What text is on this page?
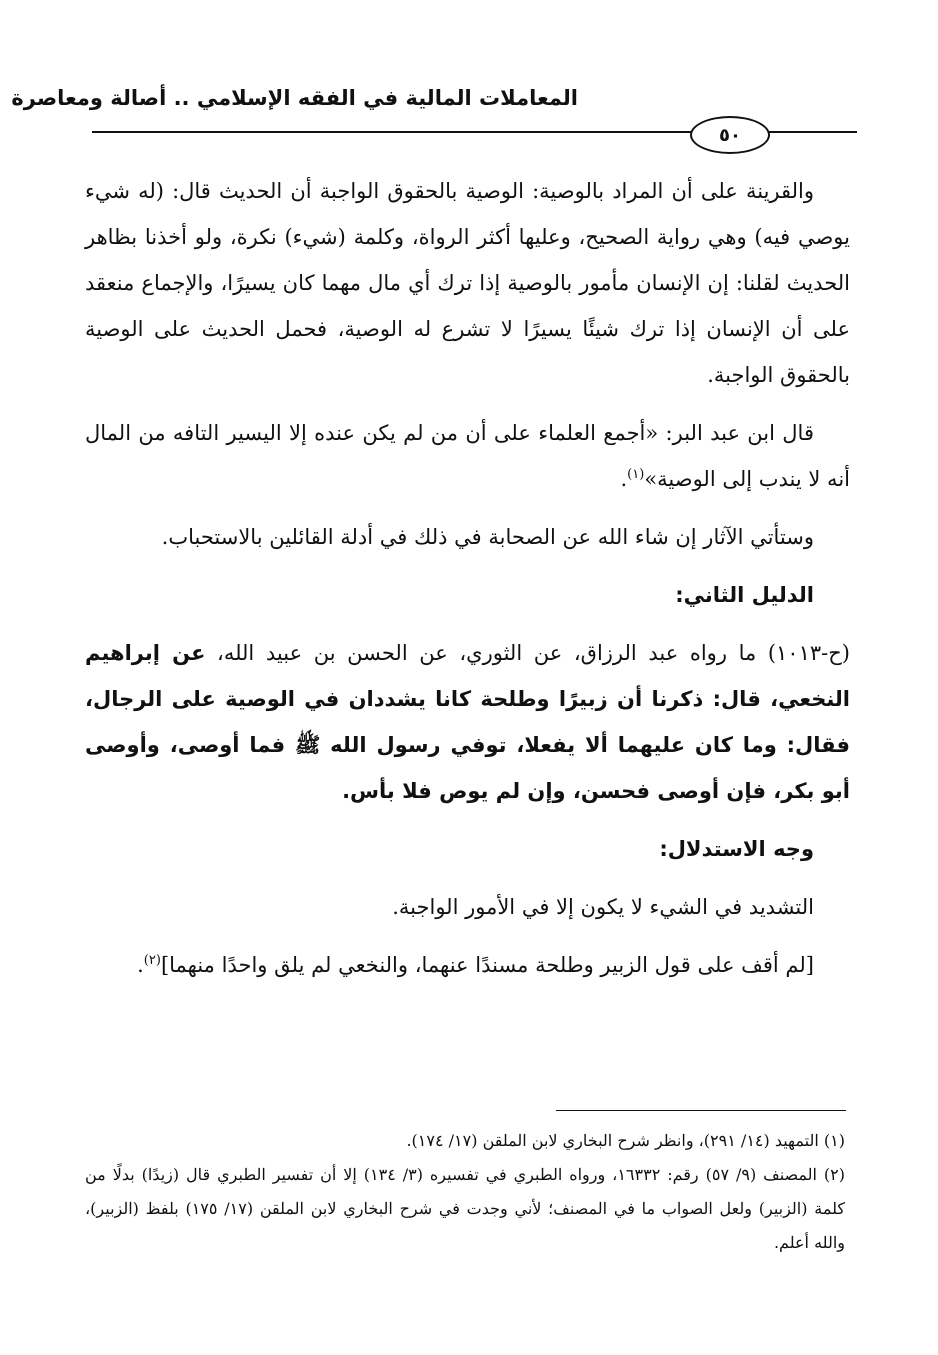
المعاملات المالية في الفقه الإسلامي .. أصالة ومعاصرة
٥٠

والقرينة على أن المراد بالوصية: الوصية بالحقوق الواجبة أن الحديث قال: (له شيء يوصي فيه) وهي رواية الصحيح، وعليها أكثر الرواة، وكلمة (شيء) نكرة، ولو أخذنا بظاهر الحديث لقلنا: إن الإنسان مأمور بالوصية إذا ترك أي مال مهما كان يسيرًا، والإجماع منعقد على أن الإنسان إذا ترك شيئًا يسيرًا لا تشرع له الوصية، فحمل الحديث على الوصية بالحقوق الواجبة.

قال ابن عبد البر: «أجمع العلماء على أن من لم يكن عنده إلا اليسير التافه من المال أنه لا يندب إلى الوصية»$^{(١)}$.

وستأتي الآثار إن شاء الله عن الصحابة في ذلك في أدلة القائلين بالاستحباب.

الدليل الثاني:

(ح-١٠١٣) ما رواه عبد الرزاق، عن الثوري، عن الحسن بن عبيد الله، عن إبراهيم النخعي، قال: ذكرنا أن زبيرًا وطلحة كانا يشددان في الوصية على الرجال، فقال: وما كان عليهما ألا يفعلا، توفي رسول الله ﷺ فما أوصى، وأوصى أبو بكر، فإن أوصى فحسن، وإن لم يوص فلا بأس.

وجه الاستدلال:

التشديد في الشيء لا يكون إلا في الأمور الواجبة.

[لم أقف على قول الزبير وطلحة مسندًا عنهما، والنخعي لم يلق واحدًا منهما]$^{(٢)}$.

(١) التمهيد (١٤/ ٢٩١)، وانظر شرح البخاري لابن الملقن (١٧/ ١٧٤).

(٢) المصنف (٩/ ٥٧) رقم: ١٦٣٣٢، ورواه الطبري في تفسيره (٣/ ١٣٤) إلا أن تفسير الطبري قال (زيدًا) بدلًا من كلمة (الزبير) ولعل الصواب ما في المصنف؛ لأني وجدت في شرح البخاري لابن الملقن (١٧/ ١٧٥) بلفظ (الزبير)، والله أعلم.
